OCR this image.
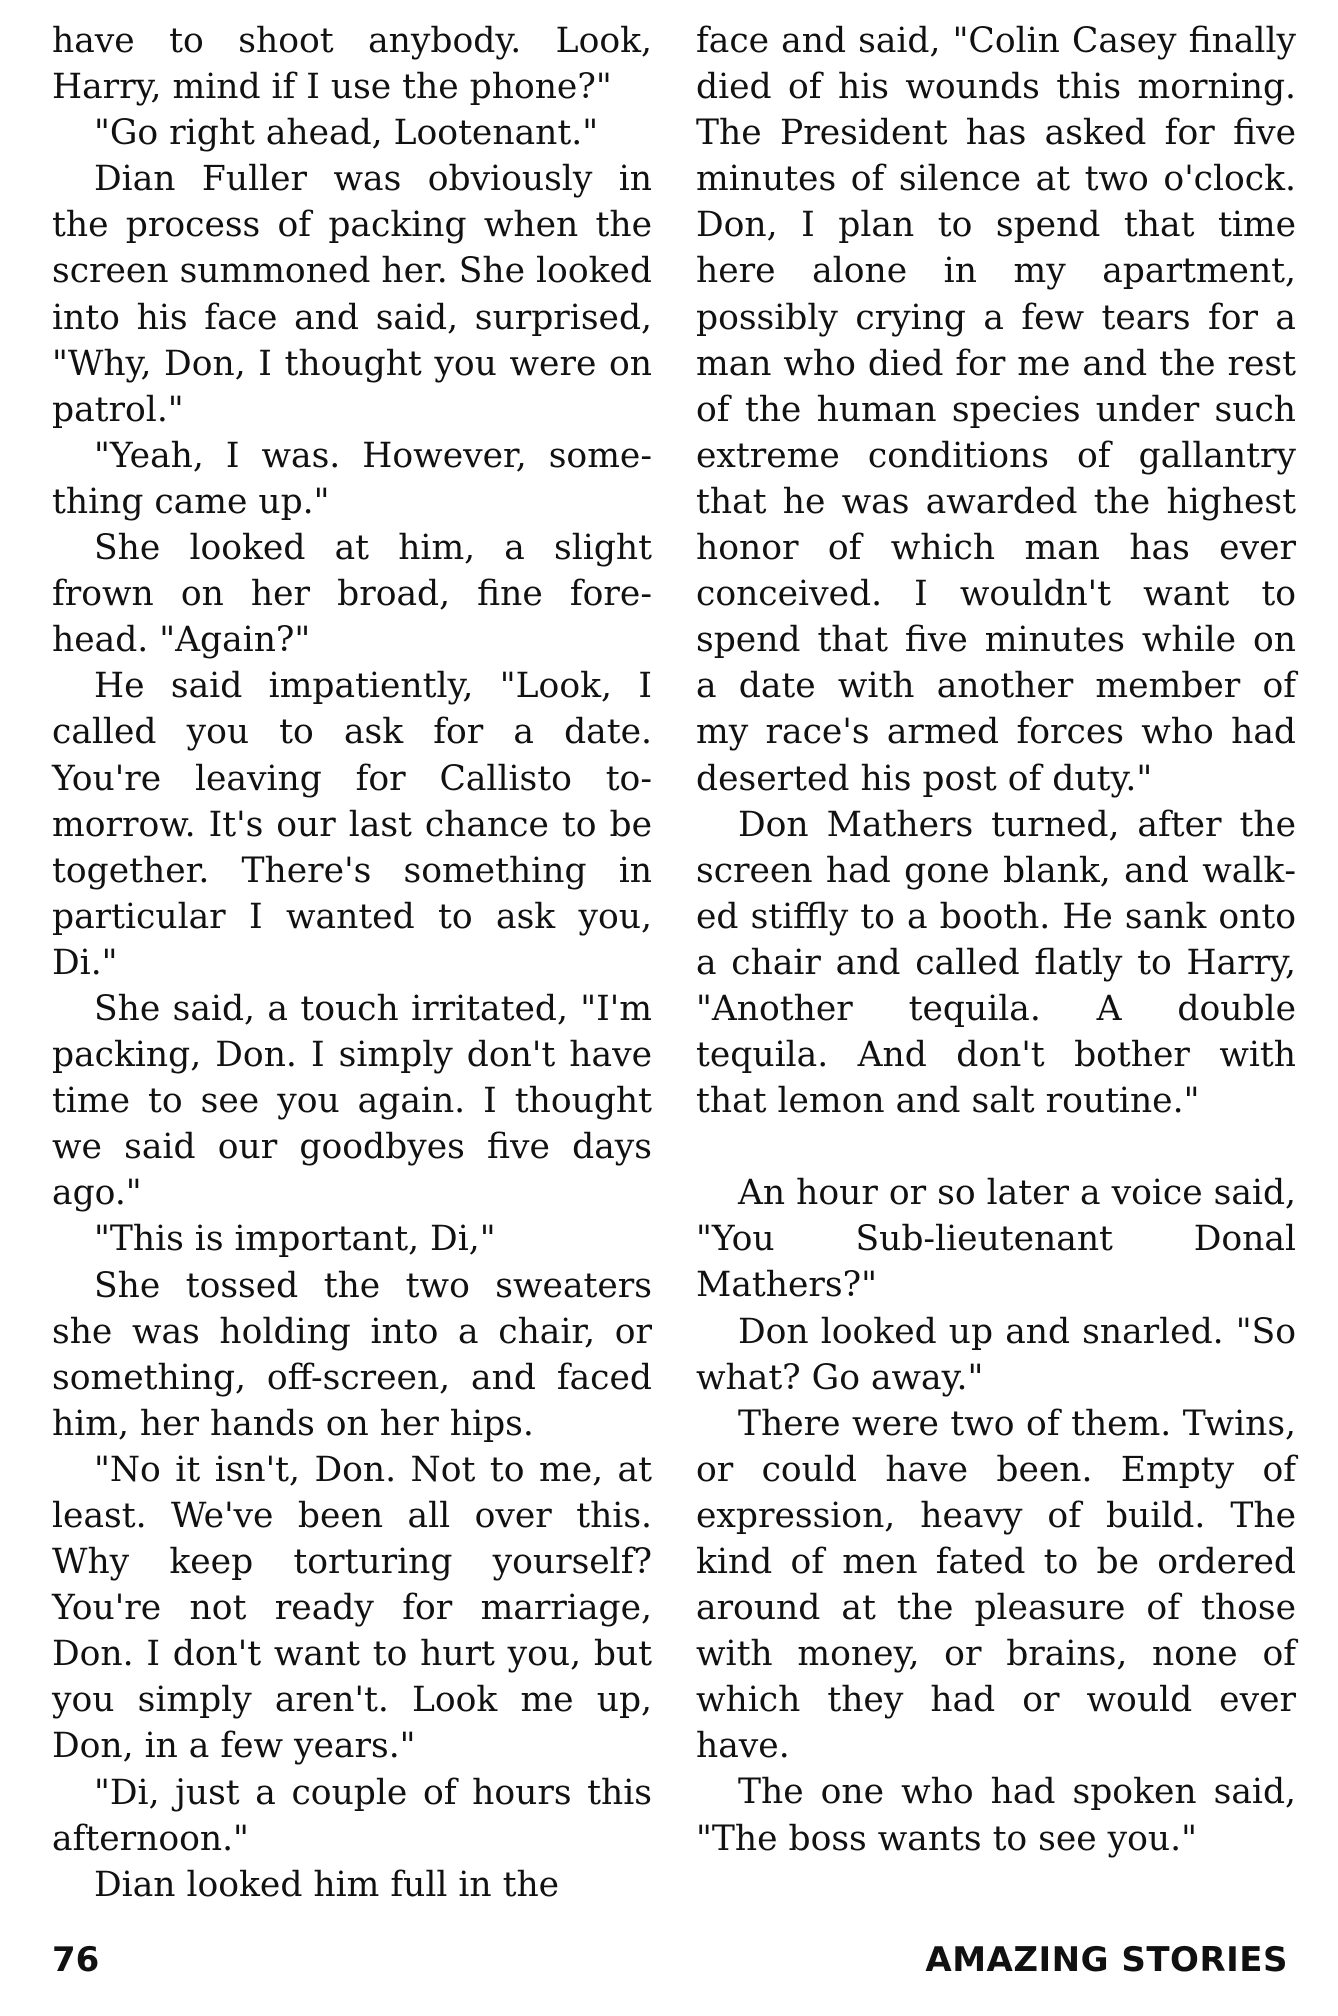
have to shoot anybody. Look, Harry, mind if I use the phone?"

"Go right ahead, Lootenant."

Dian Fuller was obviously in the process of packing when the screen summoned her. She looked into his face and said, surprised, "Why, Don, I thought you were on patrol."

"Yeah, I was. However, something came up."

She looked at him, a slight frown on her broad, fine forehead. "Again?"

He said impatiently, "Look, I called you to ask for a date. You're leaving for Callisto tomorrow. It's our last chance to be together. There's something in particular I wanted to ask you, Di."

She said, a touch irritated, "I'm packing, Don. I simply don't have time to see you again. I thought we said our goodbyes five days ago."

"This is important, Di,"

She tossed the two sweaters she was holding into a chair, or something, off-screen, and faced him, her hands on her hips.

"No it isn't, Don. Not to me, at least. We've been all over this. Why keep torturing yourself? You're not ready for marriage, Don. I don't want to hurt you, but you simply aren't. Look me up, Don, in a few years."

"Di, just a couple of hours this afternoon."

Dian looked him full in the

face and said, "Colin Casey finally died of his wounds this morning. The President has asked for five minutes of silence at two o'clock. Don, I plan to spend that time here alone in my apartment, possibly crying a few tears for a man who died for me and the rest of the human species under such extreme conditions of gallantry that he was awarded the highest honor of which man has ever conceived. I wouldn't want to spend that five minutes while on a date with another member of my race's armed forces who had deserted his post of duty."

Don Mathers turned, after the screen had gone blank, and walked stiffly to a booth. He sank onto a chair and called flatly to Harry, "Another tequila. A double tequila. And don't bother with that lemon and salt routine."

An hour or so later a voice said, "You Sub-lieutenant Donal Mathers?"

Don looked up and snarled. "So what? Go away."

There were two of them. Twins, or could have been. Empty of expression, heavy of build. The kind of men fated to be ordered around at the pleasure of those with money, or brains, none of which they had or would ever have.

The one who had spoken said, "The boss wants to see you."

76	AMAZING STORIES
